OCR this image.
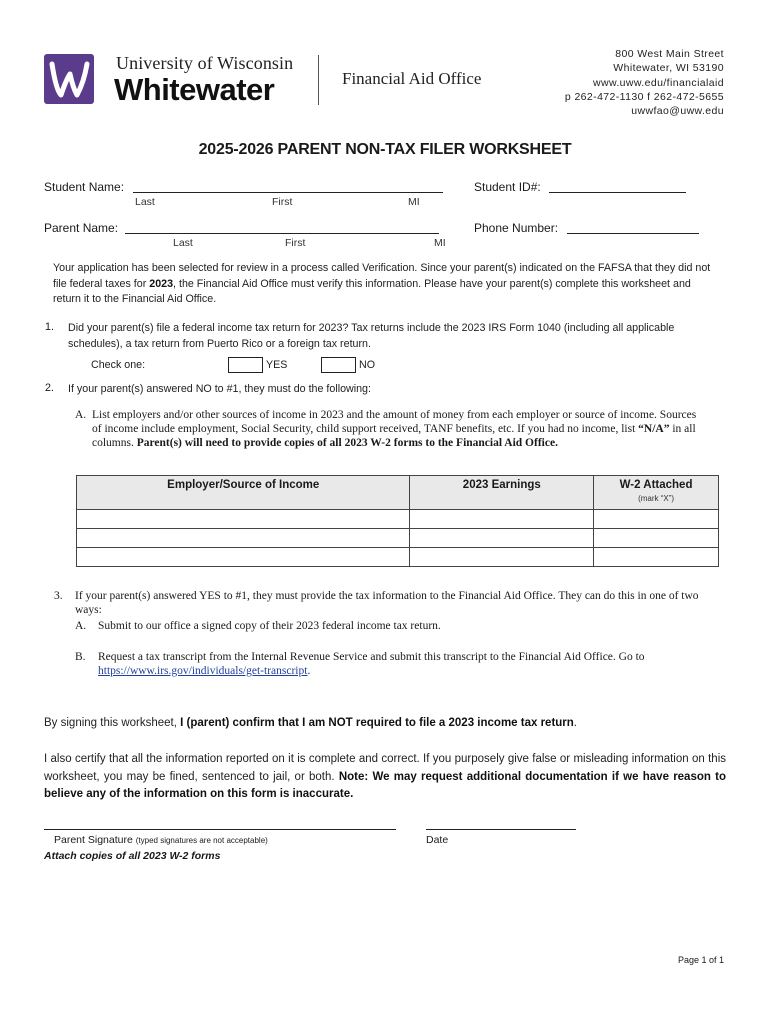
University of Wisconsin
Whitewater	Financial Aid Office
800 West Main Street
Whitewater, WI 53190
www.uww.edu/financialaid
p 262-472-1130 f 262-472-5655
uwwfao@uww.edu
2025-2026 PARENT NON-TAX FILER WORKSHEET
Student Name:
Last	First	MI
Student ID#:
Parent Name:
Last	First	MI
Phone Number:
Your application has been selected for review in a process called Verification. Since your parent(s) indicated on the FAFSA that they did not file federal taxes for 2023, the Financial Aid Office must verify this information. Please have your parent(s) complete this worksheet and return it to the Financial Aid Office.
1. Did your parent(s) file a federal income tax return for 2023? Tax returns include the 2023 IRS Form 1040 (including all applicable schedules), a tax return from Puerto Rico or a foreign tax return.
Check one:	YES	NO
2. If your parent(s) answered NO to #1, they must do the following:
A. List employers and/or other sources of income in 2023 and the amount of money from each employer or source of income. Sources of income include employment, Social Security, child support received, TANF benefits, etc. If you had no income, list “N/A” in all columns. Parent(s) will need to provide copies of all 2023 W-2 forms to the Financial Aid Office.
Employer/Source of Income	2023 Earnings	W-2 Attached
(mark “X”)

3. If your parent(s) answered YES to #1, they must provide the tax information to the Financial Aid Office. They can do this in one of two ways:
A. Submit to our office a signed copy of their 2023 federal income tax return.
B. Request a tax transcript from the Internal Revenue Service and submit this transcript to the Financial Aid Office. Go to https://www.irs.gov/individuals/get-transcript.
By signing this worksheet, I (parent) confirm that I am NOT required to file a 2023 income tax return.
I also certify that all the information reported on it is complete and correct. If you purposely give false or misleading information on this worksheet, you may be fined, sentenced to jail, or both. Note: We may request additional documentation if we have reason to believe any of the information on this form is inaccurate.
Parent Signature (typed signatures are not acceptable)	Date
Attach copies of all 2023 W-2 forms
Page 1 of 1
